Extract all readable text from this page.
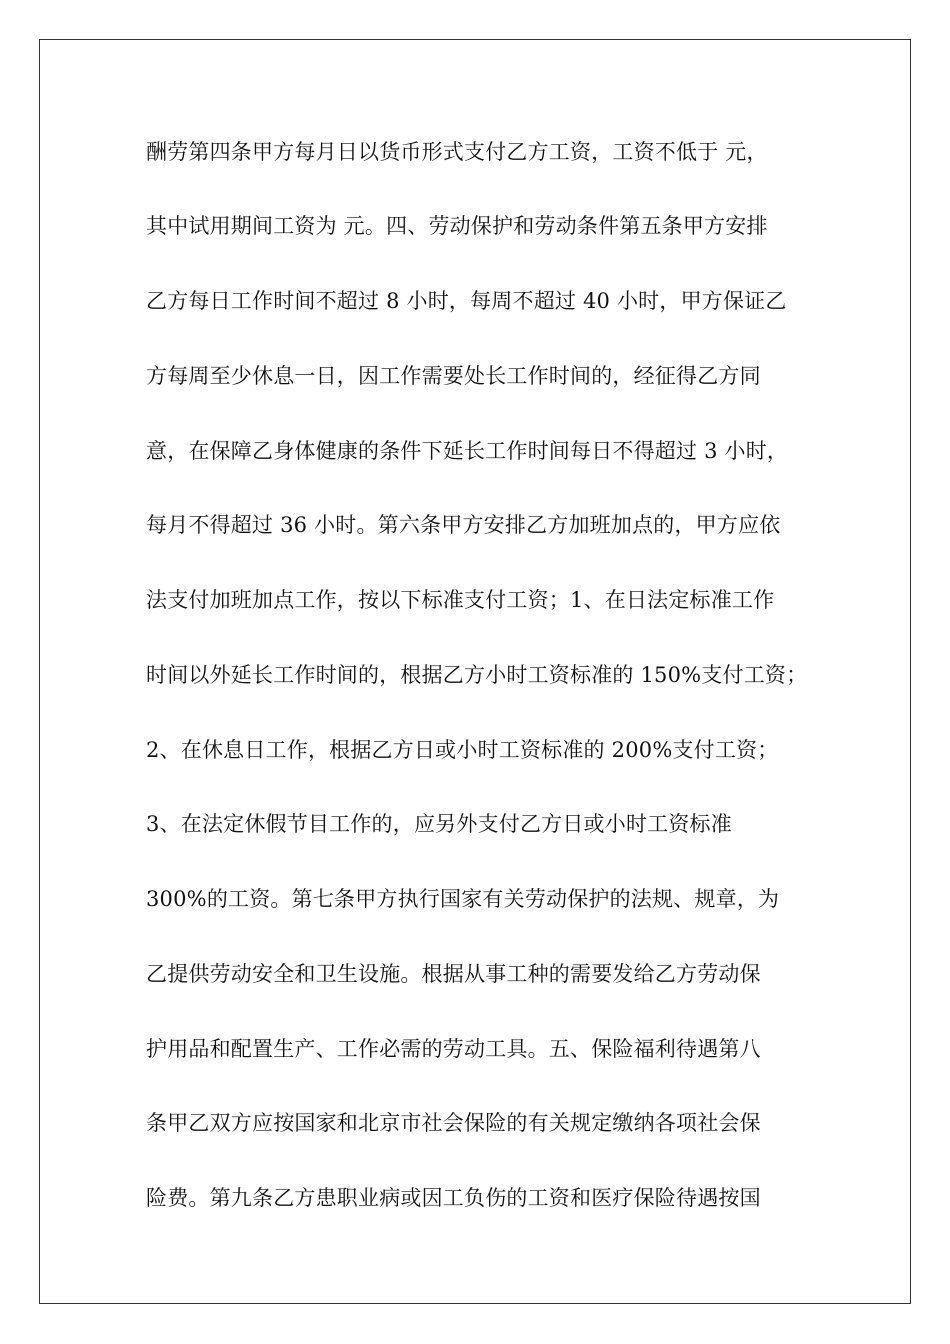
酬劳第四条甲方每月日以货币形式支付乙方工资，工资不低于 元，
其中试用期间工资为 元。四、劳动保护和劳动条件第五条甲方安排
乙方每日工作时间不超过 8 小时，每周不超过 40 小时，甲方保证乙
方每周至少休息一日，因工作需要处长工作时间的，经征得乙方同
意，在保障乙身体健康的条件下延长工作时间每日不得超过 3 小时，
每月不得超过 36 小时。第六条甲方安排乙方加班加点的，甲方应依
法支付加班加点工作，按以下标准支付工资；1、在日法定标准工作
时间以外延长工作时间的，根据乙方小时工资标准的 150%支付工资；
2、在休息日工作，根据乙方日或小时工资标准的 200%支付工资；
3、在法定休假节目工作的，应另外支付乙方日或小时工资标准
300%的工资。第七条甲方执行国家有关劳动保护的法规、规章，为
乙提供劳动安全和卫生设施。根据从事工种的需要发给乙方劳动保
护用品和配置生产、工作必需的劳动工具。五、保险福利待遇第八
条甲乙双方应按国家和北京市社会保险的有关规定缴纳各项社会保
险费。第九条乙方患职业病或因工负伤的工资和医疗保险待遇按国
